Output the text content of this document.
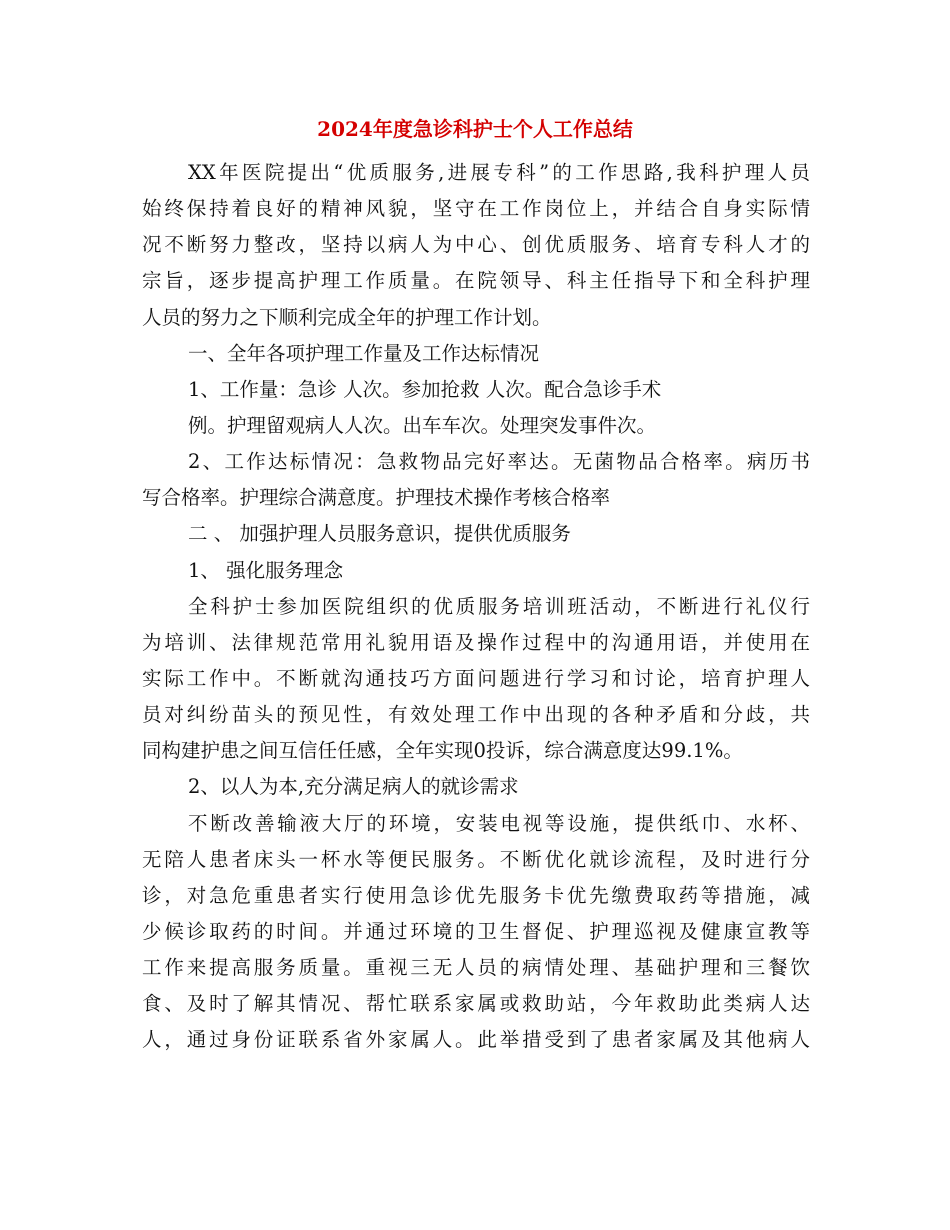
2024年度急诊科护士个人工作总结
XX年医院提出“优质服务,进展专科”的工作思路,我科护理人员
始终保持着良好的精神风貌，坚守在工作岗位上，并结合自身实际情
况不断努力整改，坚持以病人为中心、创优质服务、培育专科人才的
宗旨，逐步提高护理工作质量。在院领导、科主任指导下和全科护理
人员的努力之下顺利完成全年的护理工作计划。
一、全年各项护理工作量及工作达标情况
1、工作量：急诊 人次。参加抢救 人次。配合急诊手术
例。护理留观病人人次。出车车次。处理突发事件次。
2、工作达标情况：急救物品完好率达。无菌物品合格率。病历书
写合格率。护理综合满意度。护理技术操作考核合格率
二 、 加强护理人员服务意识，提供优质服务
1、 强化服务理念
全科护士参加医院组织的优质服务培训班活动，不断进行礼仪行
为培训、法律规范常用礼貌用语及操作过程中的沟通用语，并使用在
实际工作中。不断就沟通技巧方面问题进行学习和讨论，培育护理人
员对纠纷苗头的预见性，有效处理工作中出现的各种矛盾和分歧，共
同构建护患之间互信任任感，全年实现0投诉，综合满意度达99.1%。
2、以人为本,充分满足病人的就诊需求
不断改善输液大厅的环境，安装电视等设施，提供纸巾、水杯、
无陪人患者床头一杯水等便民服务。不断优化就诊流程，及时进行分
诊，对急危重患者实行使用急诊优先服务卡优先缴费取药等措施，减
少候诊取药的时间。并通过环境的卫生督促、护理巡视及健康宣教等
工作来提高服务质量。重视三无人员的病情处理、基础护理和三餐饮
食、及时了解其情况、帮忙联系家属或救助站，今年救助此类病人达
人，通过身份证联系省外家属人。此举措受到了患者家属及其他病人
